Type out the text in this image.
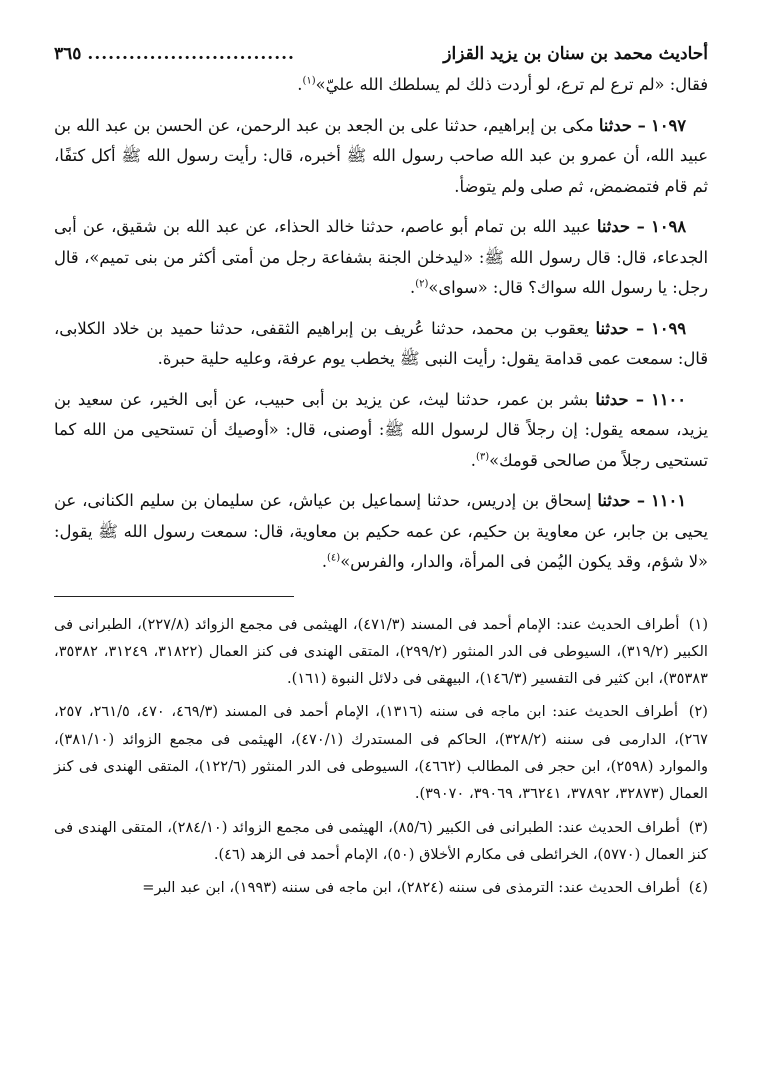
أحاديث محمد بن سنان بن يزيد القزاز
..............................
٣٦٥

فقال: «لم ترع لم ترع، لو أردت ذلك لم يسلطك الله عليّ»$^{(١)}$.

١٠٩٧ – حدثنا مكى بن إبراهيم، حدثنا على بن الجعد بن عبد الرحمن، عن الحسن بن عبد الله بن عبيد الله، أن عمرو بن عبد الله صاحب رسول الله ﷺ أخبره، قال: رأيت رسول الله ﷺ أكل كتفًا، ثم قام فتمضمض، ثم صلى ولم يتوضأ.

١٠٩٨ – حدثنا عبيد الله بن تمام أبو عاصم، حدثنا خالد الحذاء، عن عبد الله بن شقيق، عن أبى الجدعاء، قال: قال رسول الله ﷺ: «ليدخلن الجنة بشفاعة رجل من أمتى أكثر من بنى تميم»، قال رجل: يا رسول الله سواك؟ قال: «سواى»$^{(٢)}$.

١٠٩٩ – حدثنا يعقوب بن محمد، حدثنا عُريف بن إبراهيم الثقفى، حدثنا حميد بن خلاد الكلابى، قال: سمعت عمى قدامة يقول: رأيت النبى ﷺ يخطب يوم عرفة، وعليه حلية حبرة.

١١٠٠ – حدثنا بشر بن عمر، حدثنا ليث، عن يزيد بن أبى حبيب، عن أبى الخير، عن سعيد بن يزيد، سمعه يقول: إن رجلاً قال لرسول الله ﷺ: أوصنى، قال: «أوصيك أن تستحيى من الله كما تستحيى رجلاً من صالحى قومك»$^{(٣)}$.

١١٠١ – حدثنا إسحاق بن إدريس، حدثنا إسماعيل بن عياش، عن سليمان بن سليم الكنانى، عن يحيى بن جابر، عن معاوية بن حكيم، عن عمه حكيم بن معاوية، قال: سمعت رسول الله ﷺ يقول: «لا شؤم، وقد يكون اليُمن فى المرأة، والدار، والفرس»$^{(٤)}$.

(١) أطراف الحديث عند: الإمام أحمد فى المسند (٤٧١/٣)، الهيثمى فى مجمع الزوائد (٢٢٧/٨)، الطبرانى فى الكبير (٣١٩/٢)، السيوطى فى الدر المنثور (٢٩٩/٢)، المتقى الهندى فى كنز العمال (٣١٨٢٢، ٣١٢٤٩، ٣٥٣٨٢، ٣٥٣٨٣)، ابن كثير فى التفسير (١٤٦/٣)، البيهقى فى دلائل النبوة (١٦١).

(٢) أطراف الحديث عند: ابن ماجه فى سننه (١٣١٦)، الإمام أحمد فى المسند (٤٦٩/٣، ٤٧٠، ٢٦١/٥، ٢٥٧، ٢٦٧)، الدارمى فى سننه (٣٢٨/٢)، الحاكم فى المستدرك (٤٧٠/١)، الهيثمى فى مجمع الزوائد (٣٨١/١٠)، والموارد (٢٥٩٨)، ابن حجر فى المطالب (٤٦٦٢)، السيوطى فى الدر المنثور (١٢٢/٦)، المتقى الهندى فى كنز العمال (٣٢٨٧٣، ٣٧٨٩٢، ٣٦٢٤١، ٣٩٠٦٩، ٣٩٠٧٠).

(٣) أطراف الحديث عند: الطبرانى فى الكبير (٨٥/٦)، الهيثمى فى مجمع الزوائد (٢٨٤/١٠)، المتقى الهندى فى كنز العمال (٥٧٧٠)، الخرائطى فى مكارم الأخلاق (٥٠)، الإمام أحمد فى الزهد (٤٦).

(٤) أطراف الحديث عند: الترمذى فى سننه (٢٨٢٤)، ابن ماجه فى سننه (١٩٩٣)، ابن عبد البر=
